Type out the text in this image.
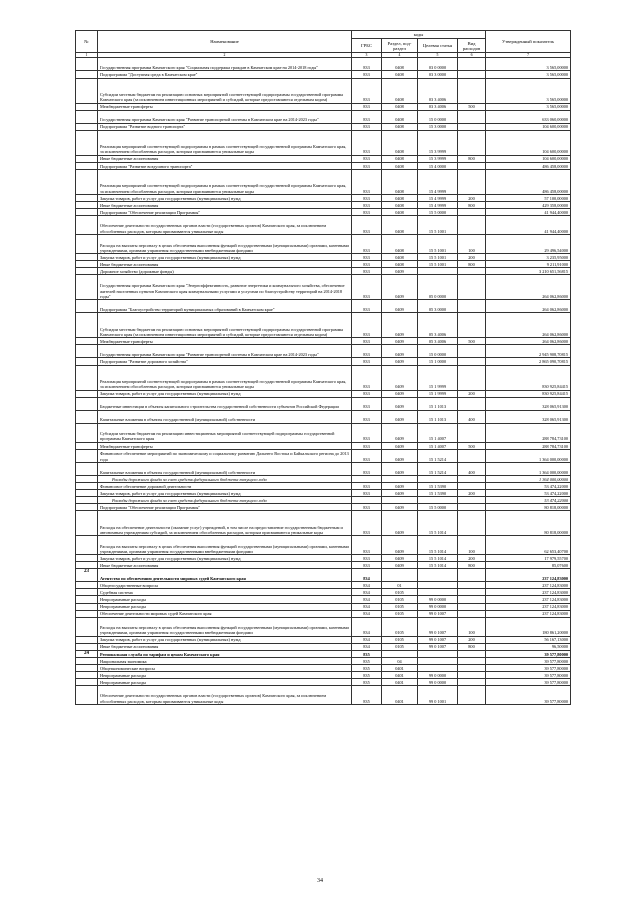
№	Наименование	коды				Утвержденный показатель
		ГРБС	Раздел, под-раздел	Целевая статья	Вид расходов	
1	2	3	4	5	6	7
	Государственная программа Камчатского края "Социальная поддержка граждан в Камчатском крае на 2014-2018 годы"	833	0408	03 0 0000		3 565,00000
	Подпрограмма "Доступная среда в Камчатском крае"	833	0408	03 3 0000		3 565,00000
	Субсидии местным бюджетам на реализацию основных мероприятий соответствующей подпрограммы государственной программы Камчатского края (за исключением инвестиционных мероприятий и субсидий, которые предоставляются отдельным кодом)	833	0408	03 3 4006		3 565,00000
	Межбюджетные трансферты	833	0408	03 3 4006	500	3 565,00000
	Государственная программа Камчатского края "Развитие транспортной системы в Камчатском крае на 2014-2023 годы"	833	0408	15 0 0000		633 060,00000
	Подпрограмма "Развитие водного транспорта"	833	0408	15 3 0000		104 600,00000
	Реализация мероприятий соответствующей подпрограммы в рамках соответствующей государственной программы Камчатского края, за исключением обособленных расходов, которым присваиваются уникальные коды	833	0408	15 3 9999		104 600,00000
	Иные бюджетные ассигнования	833	0408	15 3 9999	800	104 600,00000
	Подпрограмма "Развитие воздушного транспорта"	833	0408	15 4 0000		486 458,00000
	Реализация мероприятий соответствующей подпрограммы в рамках соответствующей государственной программы Камчатского края, за исключением обособленных расходов, которым присваиваются уникальные коды	833	0408	15 4 9999		486 458,00000
	Закупка товаров, работ и услуг для государственных (муниципальных) нужд	833	0408	15 4 9999	200	57 100,00000
	Иные бюджетные ассигнования	833	0408	15 4 9999	800	429 358,00000
	Подпрограмма "Обеспечение реализации Программы"	833	0408	15 5 0000		41 944,40000
	Обеспечение деятельности государственных органов власти (государственных органов) Камчатского края, за исключением обособленных расходов, которым присваиваются уникальные коды	833	0408	15 5 1001		41 944,40000
	Расходы на выплаты персоналу в целях обеспечения выполнения функций государственными (муниципальными) органами, казенными учреждениями, органами управления государственными внебюджетными фондами	833	0408	15 5 1001	100	29 496,54000
	Закупка товаров, работ и услуг для государственных (муниципальных) нужд	833	0408	15 5 1001	200	3 235,95000
	Иные бюджетные ассигнования	833	0408	15 5 1001	800	9 211,91000
	Дорожное хозяйство (дорожные фонды)	833	0409			3 210 651,56815
	Государственная программа Камчатского края "Энергоэффективность, развитие энергетики и коммунального хозяйства, обеспечение жителей населенных пунктов Камчатского края коммунальными услугами и услугами по благоустройству территорий на 2014-2018 годы"	833	0409	05 0 0000		264 062,86000
	Подпрограмма "Благоустройство территорий муниципальных образований в Камчатском крае"	833	0409	05 3 0000		264 062,86000
	Субсидии местным бюджетам на реализацию основных мероприятий соответствующей подпрограммы государственной программы Камчатского края (за исключением инвестиционных мероприятий и субсидий, которые предоставляются отдельным кодом)	833	0409	05 3 4006		264 062,86000
	Межбюджетные трансферты	833	0409	05 3 4006	500	264 062,86000
	Государственная программа Камчатского края "Развитие транспортной системы в Камчатском крае на 2014-2023 годы"	833	0409	15 0 0000		2 945 908,70815
	Подпрограмма "Развитие дорожного хозяйства"	833	0409	15 1 0000		2 865 090,70815
	Реализация мероприятий соответствующей подпрограммы в рамках соответствующей государственной программы Камчатского края, за исключением обособленных расходов, которым присваиваются уникальные коды	833	0409	15 1 9999		830 925,84415
	Закупка товаров, работ и услуг для государственных (муниципальных) нужд	833	0409	15 1 9999	200	830 925,84415
	Бюджетные инвестиции в объекты капитального строительства государственной собственности субъектов Российской Федерации	833	0409	15 1 1013		328 065,91300
	Капитальные вложения в объекты государственной (муниципальной) собственности	833	0409	15 1 1013	400	328 065,91300
	Субсидии местным бюджетам на реализацию инвестиционных мероприятий соответствующей подпрограммы государственной программы Камчатского края	833	0409	15 1 4007		288 784,73100
	Межбюджетные трансферты	833	0409	15 1 4007	500	288 784,73100
	Финансовое обеспечение мероприятий по экономическому и социальному развитию Дальнего Востока и Байкальского региона до 2013 года	833	0409	15 1 5214		1 364 000,00000
	Капитальные вложения в объекты государственной (муниципальной) собственности	833	0409	15 1 5214	400	1 364 000,00000
	Расходы дорожного фонда за счет средств федерального бюджета текущего года					1 364 000,00000
	Финансовое обеспечение дорожной деятельности	833	0409	15 1 5390		53 474,22000
	Закупка товаров, работ и услуг для государственных (муниципальных) нужд	833	0409	15 1 5390	200	53 474,22000
	Расходы дорожного фонда за счет средств федерального бюджета текущего года					53 474,22000
	Подпрограмма "Обеспечение реализации Программы"	833	0409	15 5 0000		80 818,00000
	Расходы на обеспечение деятельности (оказание услуг) учреждений, в том числе на предоставление государственным бюджетным и автономным учреждениям субсидий, за исключением обособленных расходов, которым присваиваются уникальные коды	833	0409	15 5 1014		80 818,00000
	Расходы на выплаты персоналу в целях обеспечения выполнения функций государственными (муниципальными) органами, казенными учреждениями, органами управления государственными внебюджетными фондами	833	0409	15 5 1014	100	62 653,40700
	Закупка товаров, работ и услуг для государственных (муниципальных) нужд	833	0409	15 5 1014	200	17 979,55700
	Иные бюджетные ассигнования	833	0409	15 5 1014	800	85,07600
23	Агентство по обеспечению деятельности мировых судей Камчатского края	834				237 124,83000
	Общегосударственные вопросы	834	01			237 124,83000
	Судебная система	834	0105			237 124,83000
	Непрограммные расходы	834	0105	99 0 0000		237 124,83000
	Непрограммные расходы	834	0105	99 0 0000		237 124,83000
	Обеспечение деятельности мировых судей Камчатского края	834	0105	99 0 1007		237 124,83000
	Расходы на выплаты персоналу в целях обеспечения выполнения функций государственными (муниципальными) органами, казенными учреждениями, органами управления государственными внебюджетными фондами	834	0105	99 0 1007	100	180 861,20000
	Закупка товаров, работ и услуг для государственных (муниципальных) нужд	834	0105	99 0 1007	200	56 167,13000
	Иные бюджетные ассигнования	834	0105	99 0 1007	800	96,50000
24	Региональная служба по тарифам и ценам Камчатского края	835				39 577,80000
	Национальная экономика	835	04			39 577,80000
	Общеэкономические вопросы	835	0401			39 577,80000
	Непрограммные расходы	835	0401	99 0 0000		39 577,80000
	Непрограммные расходы	835	0401	99 0 0000		39 577,80000
	Обеспечение деятельности государственных органов власти (государственных органов) Камчатского края, за исключением обособленных расходов, которым присваиваются уникальные коды	835	0401	99 0 1001		39 577,80000
34
